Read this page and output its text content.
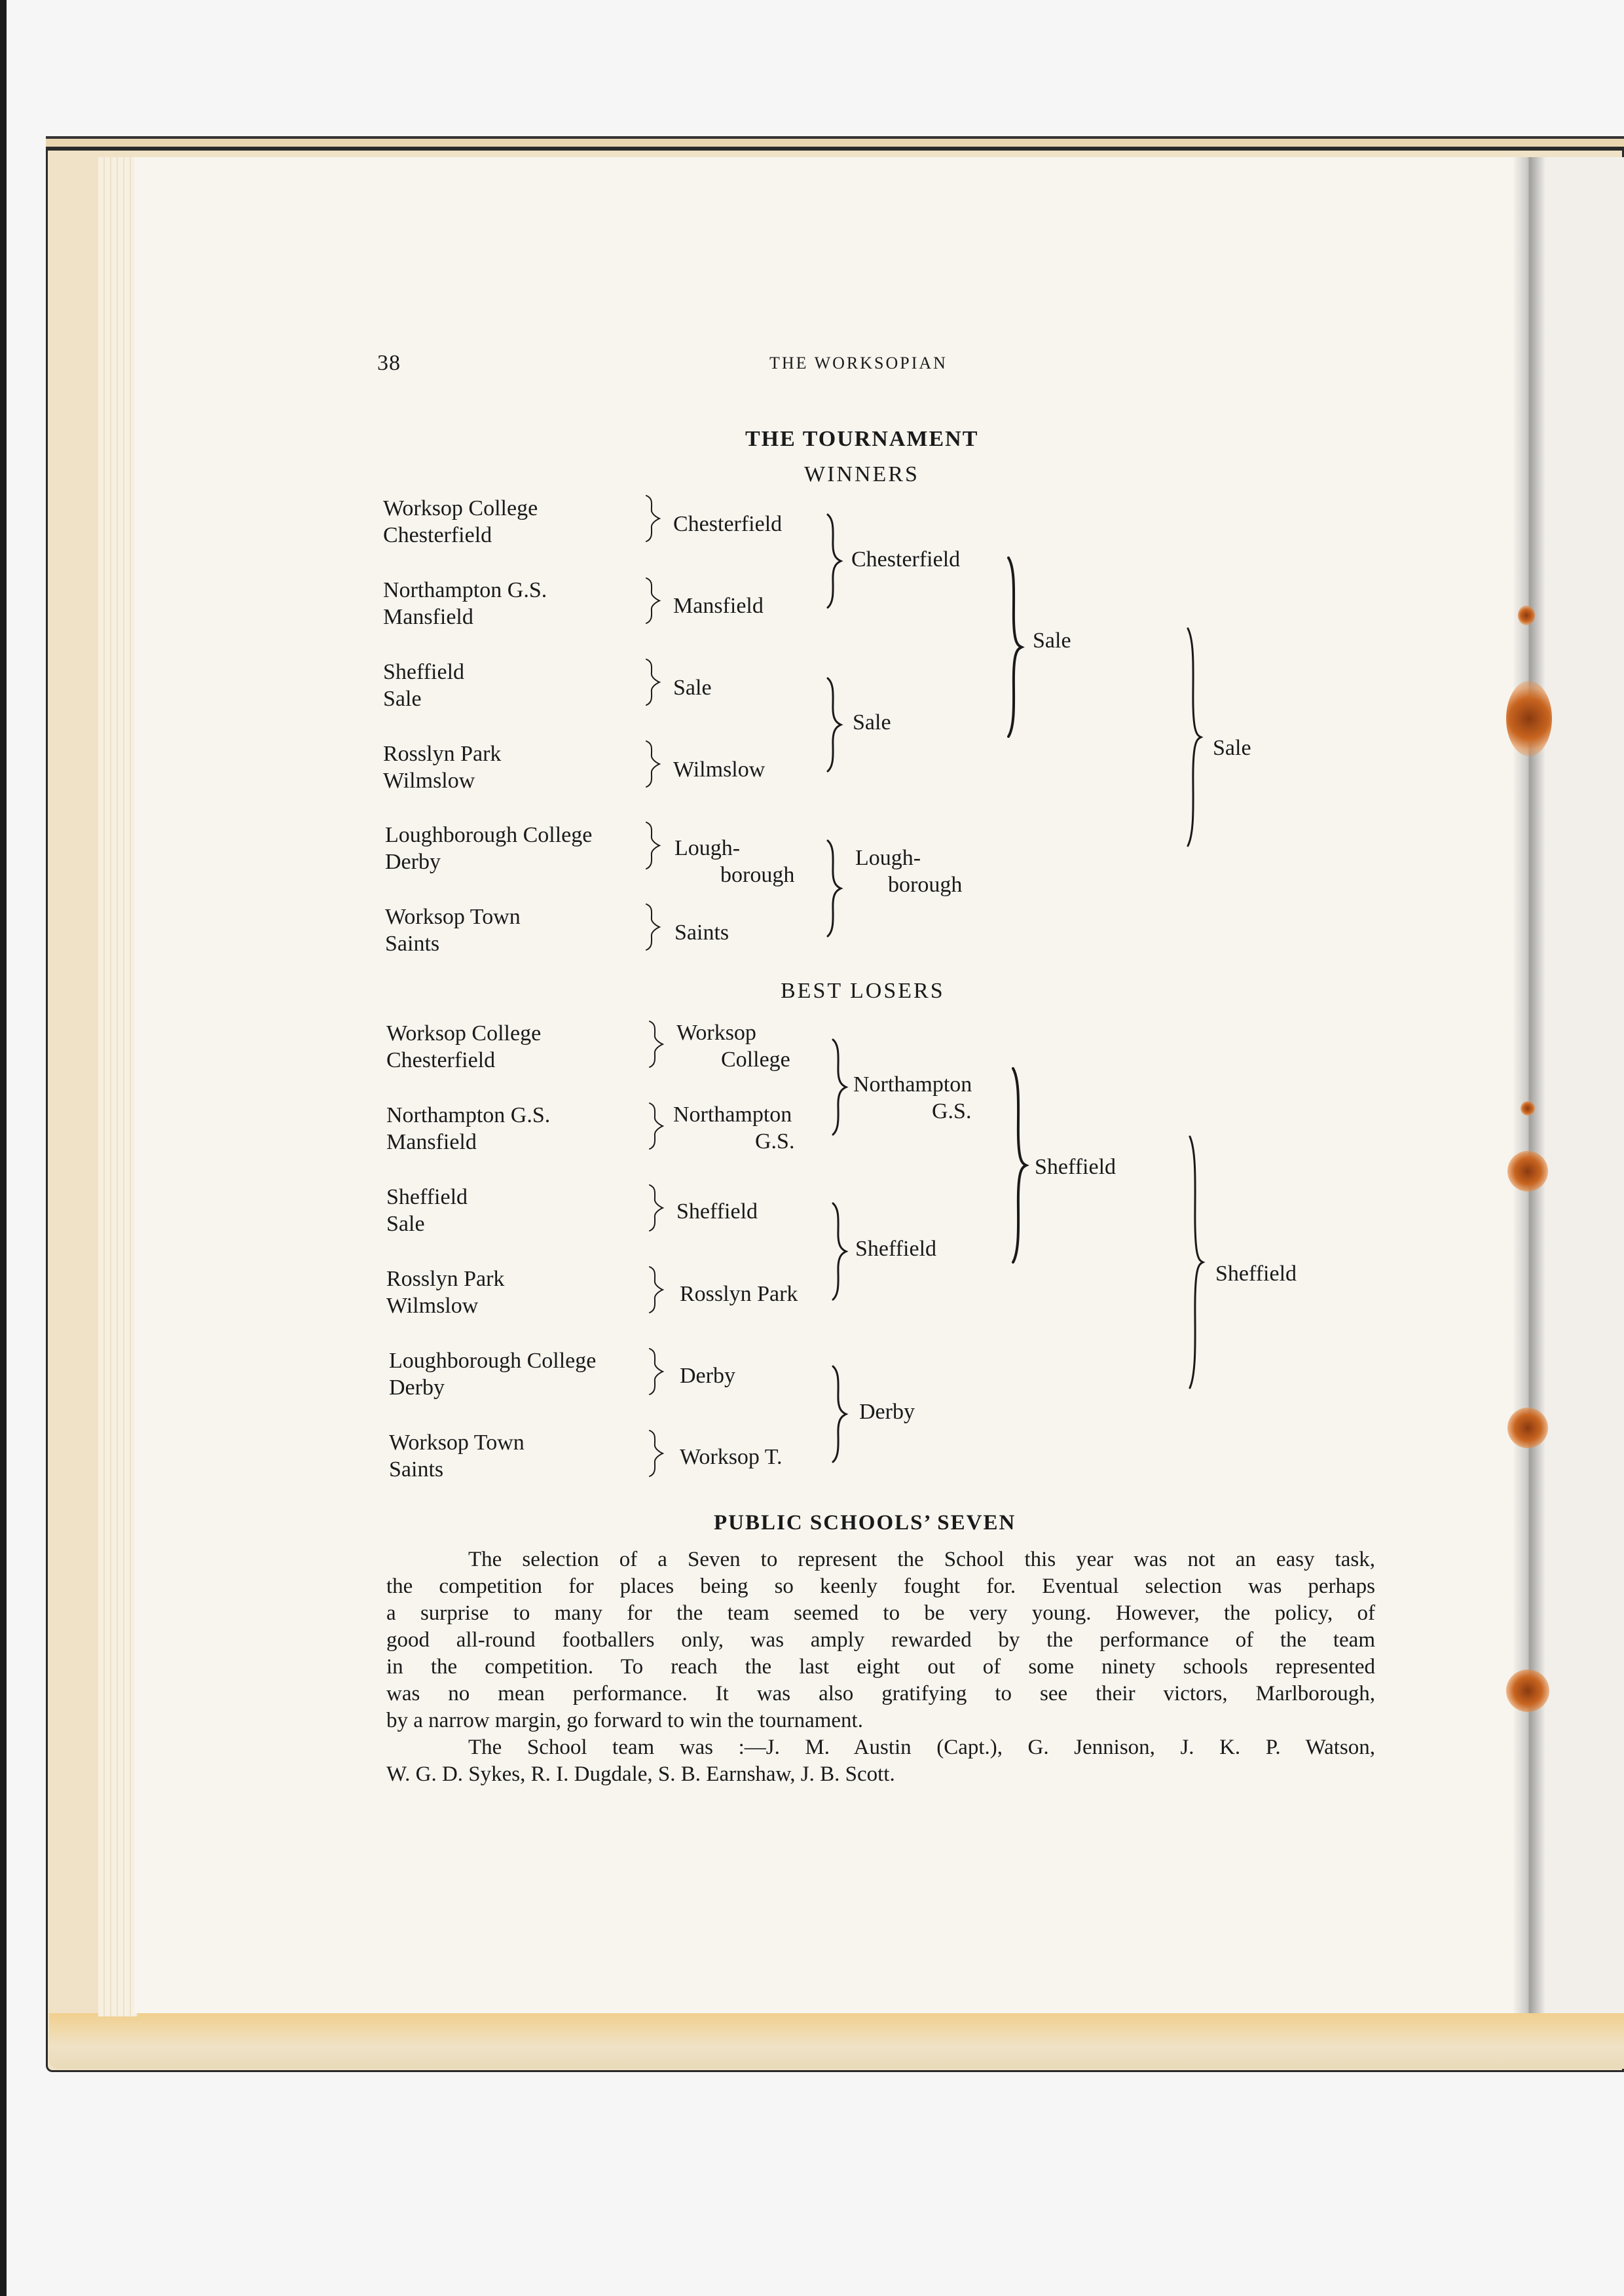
38	THE WORKSOPIAN
THE TOURNAMENT
WINNERS
Worksop College
Chesterfield
Northampton G.S.
Mansfield
Sheffield
Sale
Rosslyn Park
Wilmslow
Loughborough College
Derby
Worksop Town
Saints
Chesterfield
Mansfield
Sale
Wilmslow
Lough-
borough
Saints
Chesterfield
Sale
Lough-
borough
Sale
Sale
BEST LOSERS
Worksop College
Chesterfield
Northampton G.S.
Mansfield
Sheffield
Sale
Rosslyn Park
Wilmslow
Loughborough College
Derby
Worksop Town
Saints
Worksop
College
Northampton
G.S.
Sheffield
Rosslyn Park
Derby
Worksop T.
Northampton
G.S.
Sheffield
Derby
Sheffield
Sheffield
PUBLIC SCHOOLS’ SEVEN
The selection of a Seven to represent the School this year was not an easy task,
the competition for places being so keenly fought for. Eventual selection was perhaps
a surprise to many for the team seemed to be very young. However, the policy, of
good all-round footballers only, was amply rewarded by the performance of the team
in the competition. To reach the last eight out of some ninety schools represented
was no mean performance. It was also gratifying to see their victors, Marlborough,
by a narrow margin, go forward to win the tournament.
The School team was :—J. M. Austin (Capt.), G. Jennison, J. K. P. Watson,
W. G. D. Sykes, R. I. Dugdale, S. B. Earnshaw, J. B. Scott.
